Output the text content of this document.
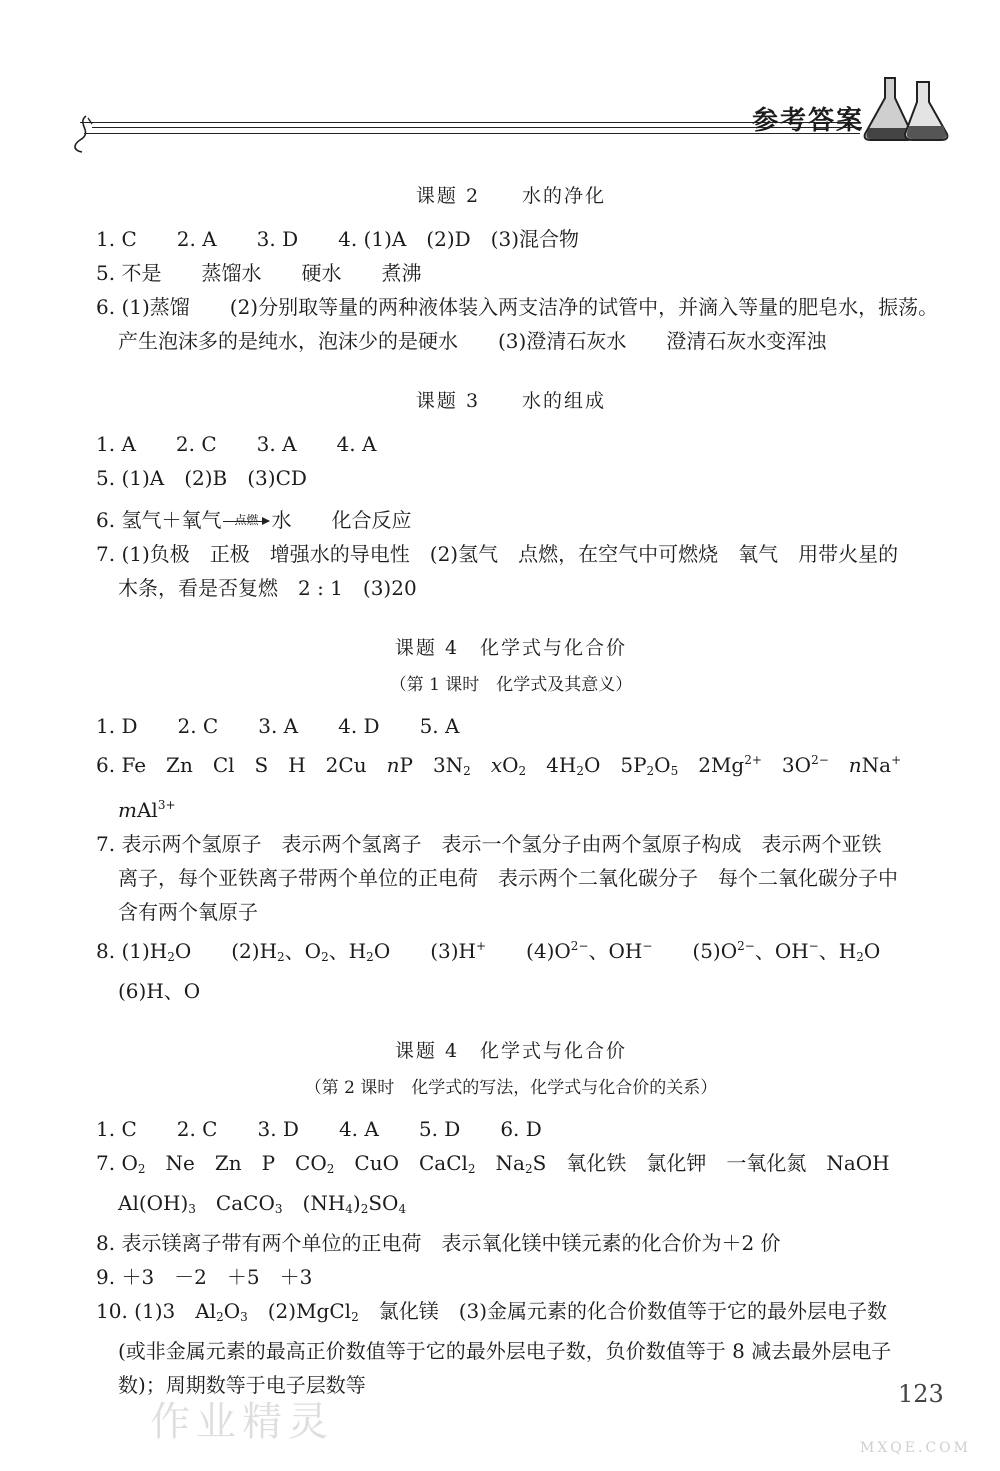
参考答案
课题 2　　水的净化
1. C　　2. A　　3. D　　4. (1)A　(2)D　(3)混合物
5. 不是　　蒸馏水　　硬水　　煮沸
6. (1)蒸馏　　(2)分别取等量的两种液体装入两支洁净的试管中，并滴入等量的肥皂水，振荡。
产生泡沫多的是纯水，泡沫少的是硬水　　(3)澄清石灰水　　澄清石灰水变浑浊
课题 3　　水的组成
1. A　　2. C　　3. A　　4. A
5. (1)A　(2)B　(3)CD
6. 氢气＋氧气	点燃 水　　 化合反应
7. (1)负极　正极　增强水的导电性　(2)氢气　点燃，在空气中可燃烧　氧气　用带火星的
木条，看是否复燃　2 : 1　(3)20
课题 4　化学式与化合价
（第 1 课时　化学式及其意义）
1. D　　2. C　　3. A　　4. D　　5. A
6. Fe　Zn　Cl　S　H　2Cu　nP　$3N_2$　 $xO_2$　$4H_2O$　$5P_2O_5$　$2Mg^{2+}$　$3O^{2-}$　 nNa+
mAl$^{3+}$
7. 表示两个氢原子　表示两个氢离子　表示一个氢分子由两个氢原子构成　表示两个亚铁
离子，每个亚铁离子带两个单位的正电荷　表示两个二氧化碳分子　每个二氧化碳分子中
含有两个氧原子
8. $(1)H_2O$　　$(2)H_2$、$O_2$、$H_2O$　　(3)H+　　$(4)O^{2-}$、OH−　　$(5)O^{2-}$、OH−、$H_2O$
(6)H、O
课题 4　化学式与化合价
（第 2 课时　化学式的写法，化学式与化合价的关系）
1. C　　2. C　　3. D　　4. A　　5. D　　6. D
7. $O_2$　Ne　Zn　P　$CO_2$　CuO　CaCl$_2$　$Na_2S$　氧化铁　氯化钾　一氧化氮　NaOH
$Al(OH)_3$　CaCO$_3$　$(NH_4)_2SO_4$
8. 表示镁离子带有两个单位的正电荷　表示氧化镁中镁元素的化合价为＋2 价
9. ＋3　－2　＋5　＋3
10. (1)3　$Al_2O_3$　(2)MgCl$_2$　 氯化镁　 (3)金属元素的化合价数值等于它的最外层电子数
(或非金属元素的最高正价数值等于它的最外层电子数，负价数值等于 8 减去最外层电子
数)；周期数等于电子层数等
作业精灵
123
MXQE.COM
